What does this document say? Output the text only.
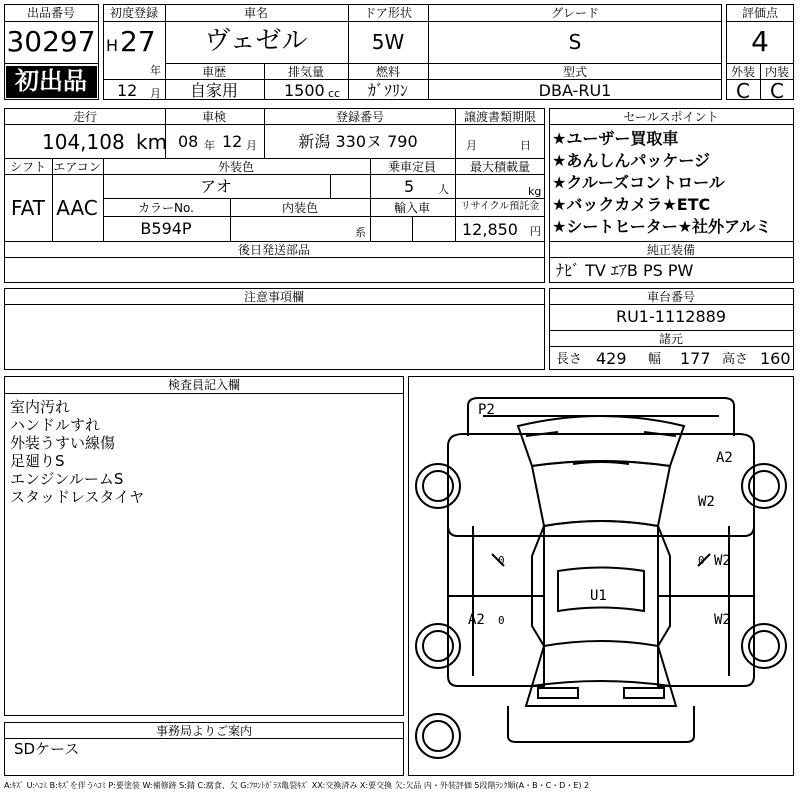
出品番号
30297
初出品
初度登録
H 27
年
12 月
車名
ヴェゼル
ドア形状
5W
グレード
S
車歴
自家用
排気量
1500 cc
燃料
ｶﾞｿﾘﾝ
型式
DBA-RU1
評価点
4
外装 内装
C C
走行
104,108 km
車検
08 年 12 月
登録番号
新潟 330ヌ 790
譲渡書類期限
月	日
シフト
FAT
エアコン
AAC
外装色
アオ
乗車定員
5 人
最大積載量
kg
カラーNo.
B594P
内装色
系
輸入車	リサイクル預託金
12,850 円
後日発送部品
セールスポイント
★ユーザー買取車
★あんしんパッケージ
★クルーズコントロール
★バックカメラ★ETC
★シートヒーター★社外アルミ
純正装備
ﾅﾋﾞ TV ｴｱB PS PW
注意事項欄	車台番号
RU1-1112889
諸元
長さ 429 幅 177 高さ 160
検査員記入欄
室内汚れ
ハンドルすれ
外装うすい線傷
足廻りS
エンジンルームS
スタッドレスタイヤ
P2
A2
W2
W2
W2
U1
A2
0
0
0
事務局よりご案内
SDケース
A:ｷｽﾞ U:ﾍｺﾐ B:ｷｽﾞを伴うﾍｺﾐ P:要塗装 W:補修跡 S:錆 C:腐食、欠 G:ﾌﾛﾝﾄｶﾞﾗｽ亀裂ｷｽﾞ XX:交換済み X:要交換 欠:欠品 内・外装評価 5段階ﾗﾝｸ順(A・B・C・D・E) 2
